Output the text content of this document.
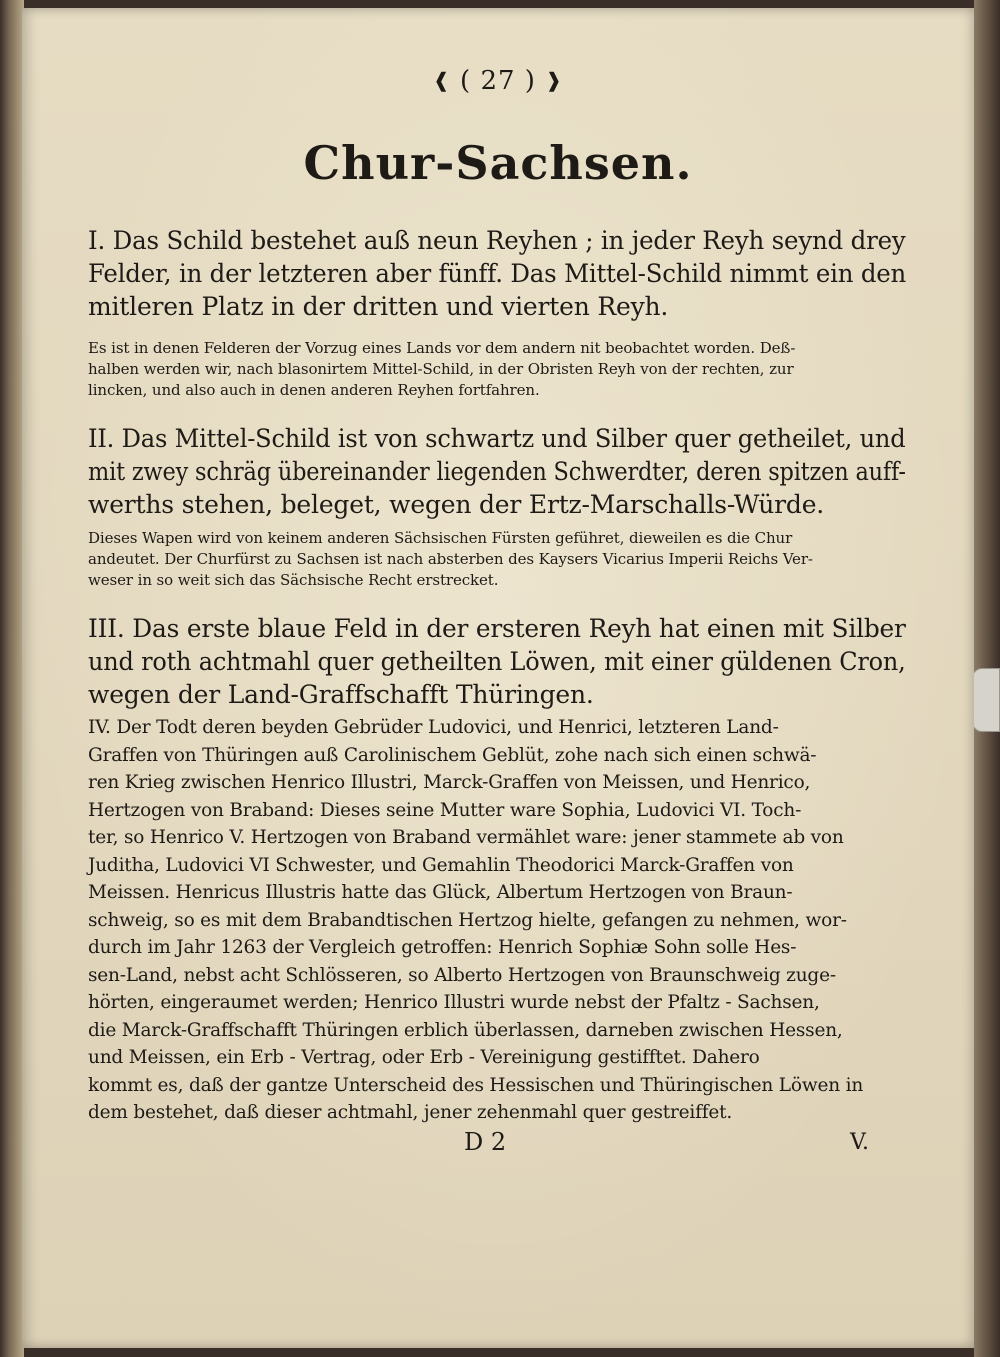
❰ ( 27 ) ❱
Chur-Sachsen.
I. Das Schild bestehet auß neun Reyhen ; in jeder Reyh seynd drey
Felder, in der letzteren aber fünff. Das Mittel-Schild nimmt ein den
mitleren Platz in der dritten und vierten Reyh.
Es ist in denen Felderen der Vorzug eines Lands vor dem andern nit beobachtet worden. Deß-
halben werden wir, nach blasonirtem Mittel-Schild, in der Obristen Reyh von der rechten, zur
lincken, und also auch in denen anderen Reyhen fortfahren.
II. Das Mittel-Schild ist von schwartz und Silber quer getheilet, und
mit zwey schräg übereinander liegenden Schwerdter, deren spitzen auff-
werths stehen, beleget, wegen der Ertz-Marschalls-Würde.
Dieses Wapen wird von keinem anderen Sächsischen Fürsten geführet, dieweilen es die Chur
andeutet. Der Churfürst zu Sachsen ist nach absterben des Kaysers Vicarius Imperii Reichs Ver-
weser in so weit sich das Sächsische Recht erstrecket.
III. Das erste blaue Feld in der ersteren Reyh hat einen mit Silber
und roth achtmahl quer getheilten Löwen, mit einer güldenen Cron,
wegen der Land-Graffschafft Thüringen.
IV. Der Todt deren beyden Gebrüder Ludovici, und Henrici, letzteren Land-
Graffen von Thüringen auß Carolinischem Geblüt, zohe nach sich einen schwä-
ren Krieg zwischen Henrico Illustri, Marck-Graffen von Meissen, und Henrico,
Hertzogen von Braband: Dieses seine Mutter ware Sophia, Ludovici VI. Toch-
ter, so Henrico V. Hertzogen von Braband vermählet ware: jener stammete ab von
Juditha, Ludovici VI Schwester, und Gemahlin Theodorici Marck-Graffen von
Meissen. Henricus Illustris hatte das Glück, Albertum Hertzogen von Braun-
schweig, so es mit dem Brabandtischen Hertzog hielte, gefangen zu nehmen, wor-
durch im Jahr 1263 der Vergleich getroffen: Henrich Sophiæ Sohn solle Hes-
sen-Land, nebst acht Schlösseren, so Alberto Hertzogen von Braunschweig zuge-
hörten, eingeraumet werden; Henrico Illustri wurde nebst der Pfaltz - Sachsen,
die Marck-Graffschafft Thüringen erblich überlassen, darneben zwischen Hessen,
und Meissen, ein Erb - Vertrag, oder Erb - Vereinigung gestifftet. Dahero
kommt es, daß der gantze Unterscheid des Hessischen und Thüringischen Löwen in
dem bestehet, daß dieser achtmahl, jener zehenmahl quer gestreiffet.
D 2	V.
